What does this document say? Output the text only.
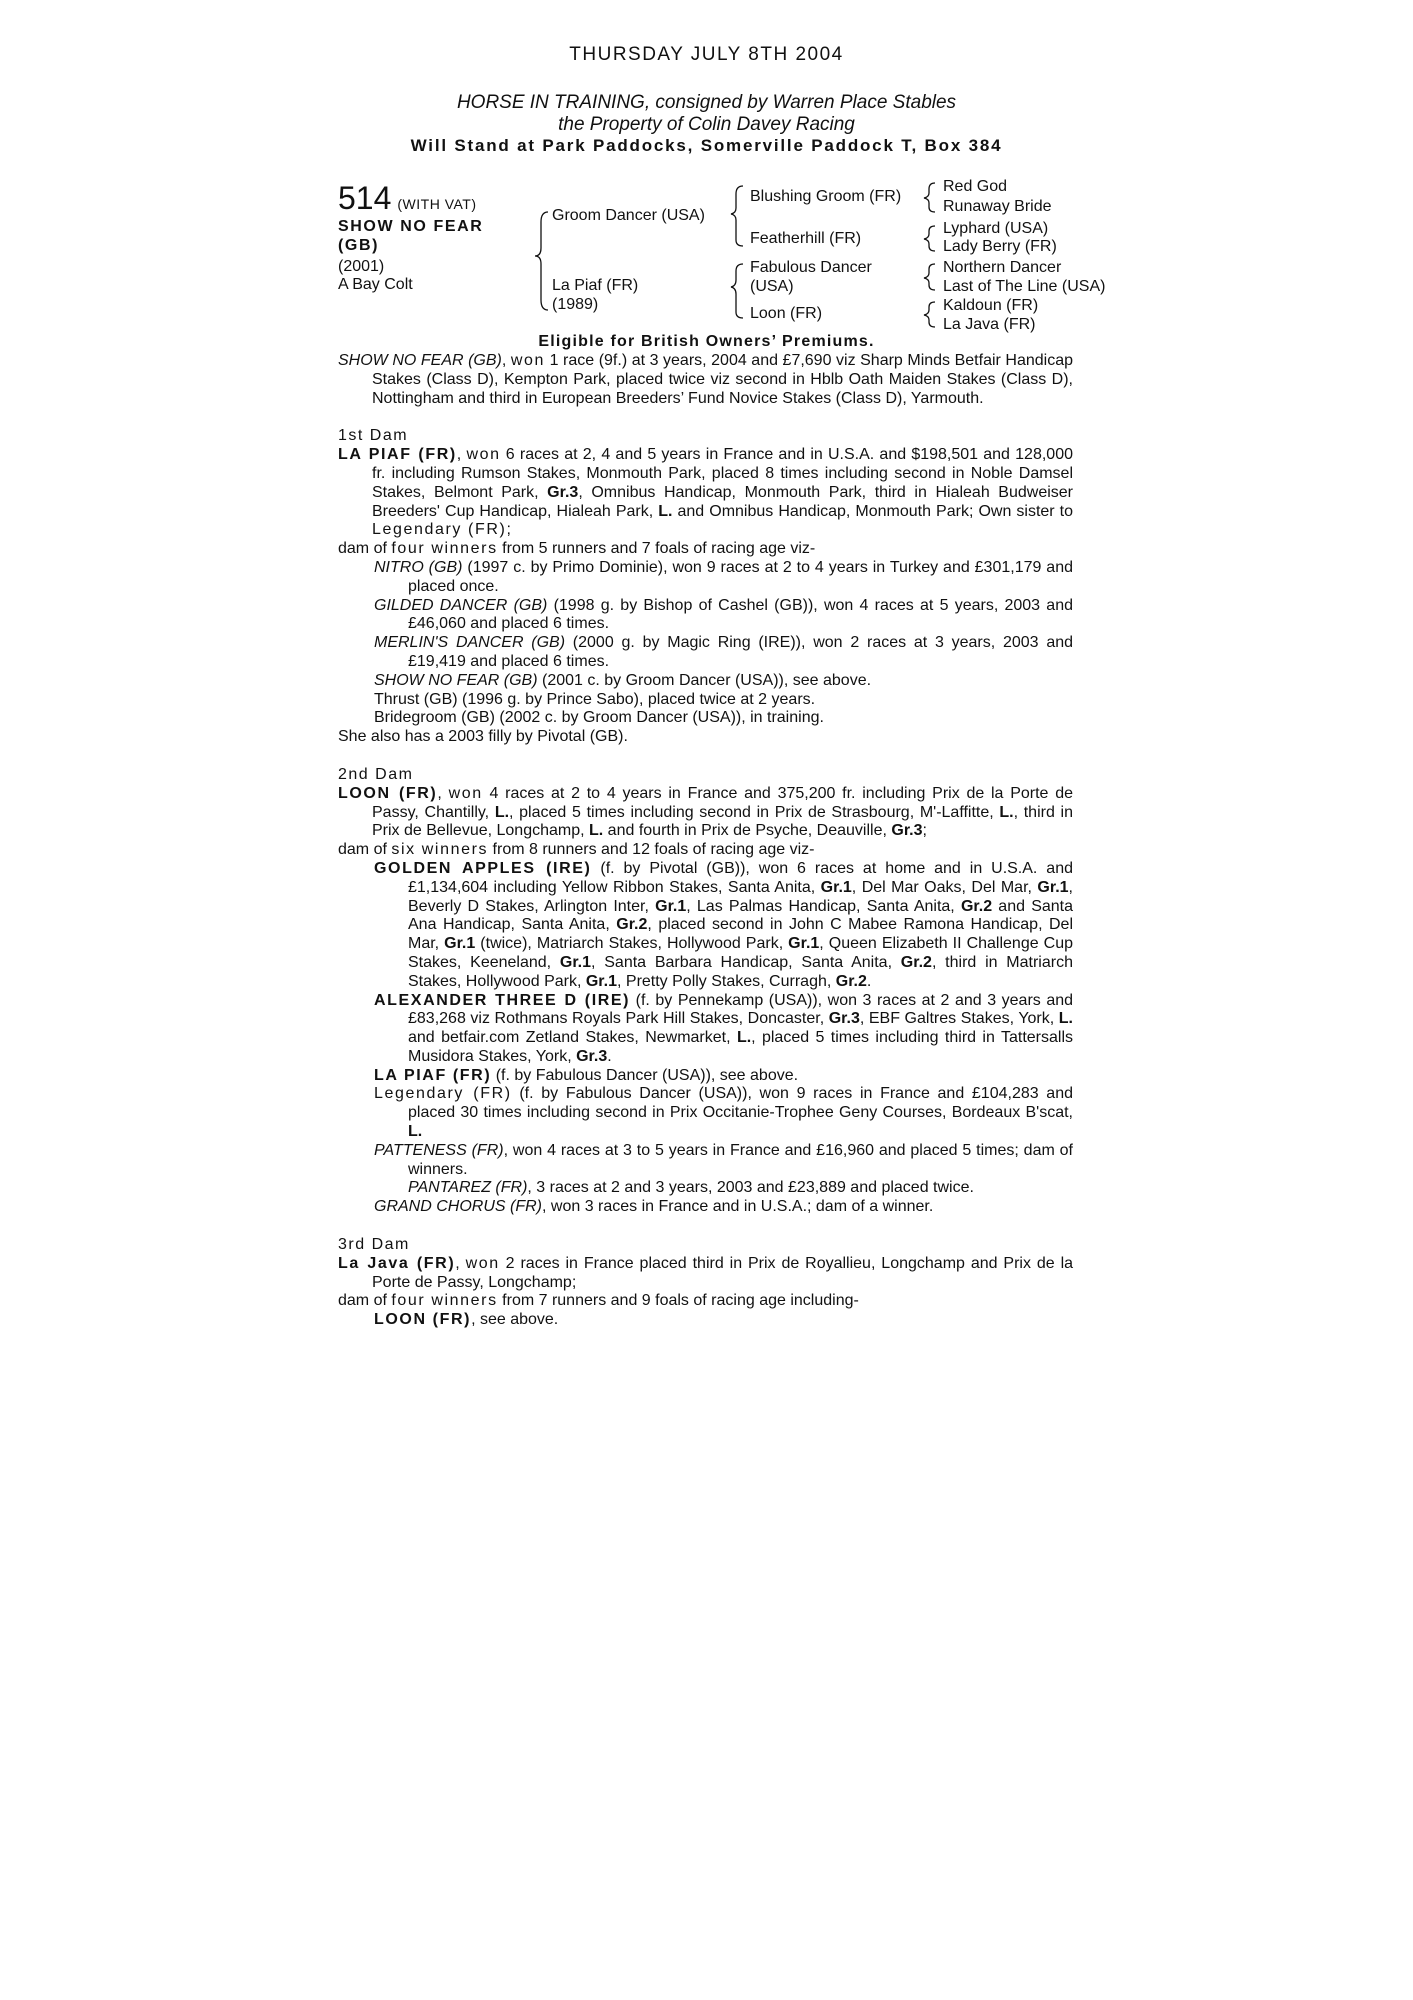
THURSDAY JULY 8TH 2004
HORSE IN TRAINING, consigned by Warren Place Stables
the Property of Colin Davey Racing
Will Stand at Park Paddocks, Somerville Paddock T, Box 384
514 (WITH VAT)
SHOW NO FEAR
(GB)
(2001)
A Bay Colt
Groom Dancer (USA)
La Piaf (FR)
(1989)
Blushing Groom (FR)
Featherhill (FR)
Fabulous Dancer
(USA)
Loon (FR)
Red God
Runaway Bride
Lyphard (USA)
Lady Berry (FR)
Northern Dancer
Last of The Line (USA)
Kaldoun (FR)
La Java (FR)
Eligible for British Owners’ Premiums.

SHOW NO FEAR (GB), won 1 race (9f.) at 3 years, 2004 and £7,690 viz Sharp Minds Betfair Handicap Stakes (Class D), Kempton Park, placed twice viz second in Hblb Oath Maiden Stakes (Class D), Nottingham and third in European Breeders’ Fund Novice Stakes (Class D), Yarmouth.

1st Dam

LA PIAF (FR), won 6 races at 2, 4 and 5 years in France and in U.S.A. and $198,501 and 128,000 fr. including Rumson Stakes, Monmouth Park, placed 8 times including second in Noble Damsel Stakes, Belmont Park, Gr.3, Omnibus Handicap, Monmouth Park, third in Hialeah Budweiser Breeders' Cup Handicap, Hialeah Park, L. and Omnibus Handicap, Monmouth Park; Own sister to Legendary (FR);

dam of four winners from 5 runners and 7 foals of racing age viz-

NITRO (GB) (1997 c. by Primo Dominie), won 9 races at 2 to 4 years in Turkey and £301,179 and placed once.

GILDED DANCER (GB) (1998 g. by Bishop of Cashel (GB)), won 4 races at 5 years, 2003 and £46,060 and placed 6 times.

MERLIN'S DANCER (GB) (2000 g. by Magic Ring (IRE)), won 2 races at 3 years, 2003 and £19,419 and placed 6 times.

SHOW NO FEAR (GB) (2001 c. by Groom Dancer (USA)), see above.

Thrust (GB) (1996 g. by Prince Sabo), placed twice at 2 years.

Bridegroom (GB) (2002 c. by Groom Dancer (USA)), in training.

She also has a 2003 filly by Pivotal (GB).

2nd Dam

LOON (FR), won 4 races at 2 to 4 years in France and 375,200 fr. including Prix de la Porte de Passy, Chantilly, L., placed 5 times including second in Prix de Strasbourg, M'-Laffitte, L., third in Prix de Bellevue, Longchamp, L. and fourth in Prix de Psyche, Deauville, Gr.3;

dam of six winners from 8 runners and 12 foals of racing age viz-

GOLDEN APPLES (IRE) (f. by Pivotal (GB)), won 6 races at home and in U.S.A. and £1,134,604 including Yellow Ribbon Stakes, Santa Anita, Gr.1, Del Mar Oaks, Del Mar, Gr.1, Beverly D Stakes, Arlington Inter, Gr.1, Las Palmas Handicap, Santa Anita, Gr.2 and Santa Ana Handicap, Santa Anita, Gr.2, placed second in John C Mabee Ramona Handicap, Del Mar, Gr.1 (twice), Matriarch Stakes, Hollywood Park, Gr.1, Queen Elizabeth II Challenge Cup Stakes, Keeneland, Gr.1, Santa Barbara Handicap, Santa Anita, Gr.2, third in Matriarch Stakes, Hollywood Park, Gr.1, Pretty Polly Stakes, Curragh, Gr.2.

ALEXANDER THREE D (IRE) (f. by Pennekamp (USA)), won 3 races at 2 and 3 years and £83,268 viz Rothmans Royals Park Hill Stakes, Doncaster, Gr.3, EBF Galtres Stakes, York, L. and betfair.com Zetland Stakes, Newmarket, L., placed 5 times including third in Tattersalls Musidora Stakes, York, Gr.3.

LA PIAF (FR) (f. by Fabulous Dancer (USA)), see above.

Legendary (FR) (f. by Fabulous Dancer (USA)), won 9 races in France and £104,283 and placed 30 times including second in Prix Occitanie-Trophee Geny Courses, Bordeaux B'scat, L.

PATTENESS (FR), won 4 races at 3 to 5 years in France and £16,960 and placed 5 times; dam of winners.

PANTAREZ (FR), 3 races at 2 and 3 years, 2003 and £23,889 and placed twice.

GRAND CHORUS (FR), won 3 races in France and in U.S.A.; dam of a winner.

3rd Dam

La Java (FR), won 2 races in France placed third in Prix de Royallieu, Longchamp and Prix de la Porte de Passy, Longchamp;

dam of four winners from 7 runners and 9 foals of racing age including-

LOON (FR), see above.
